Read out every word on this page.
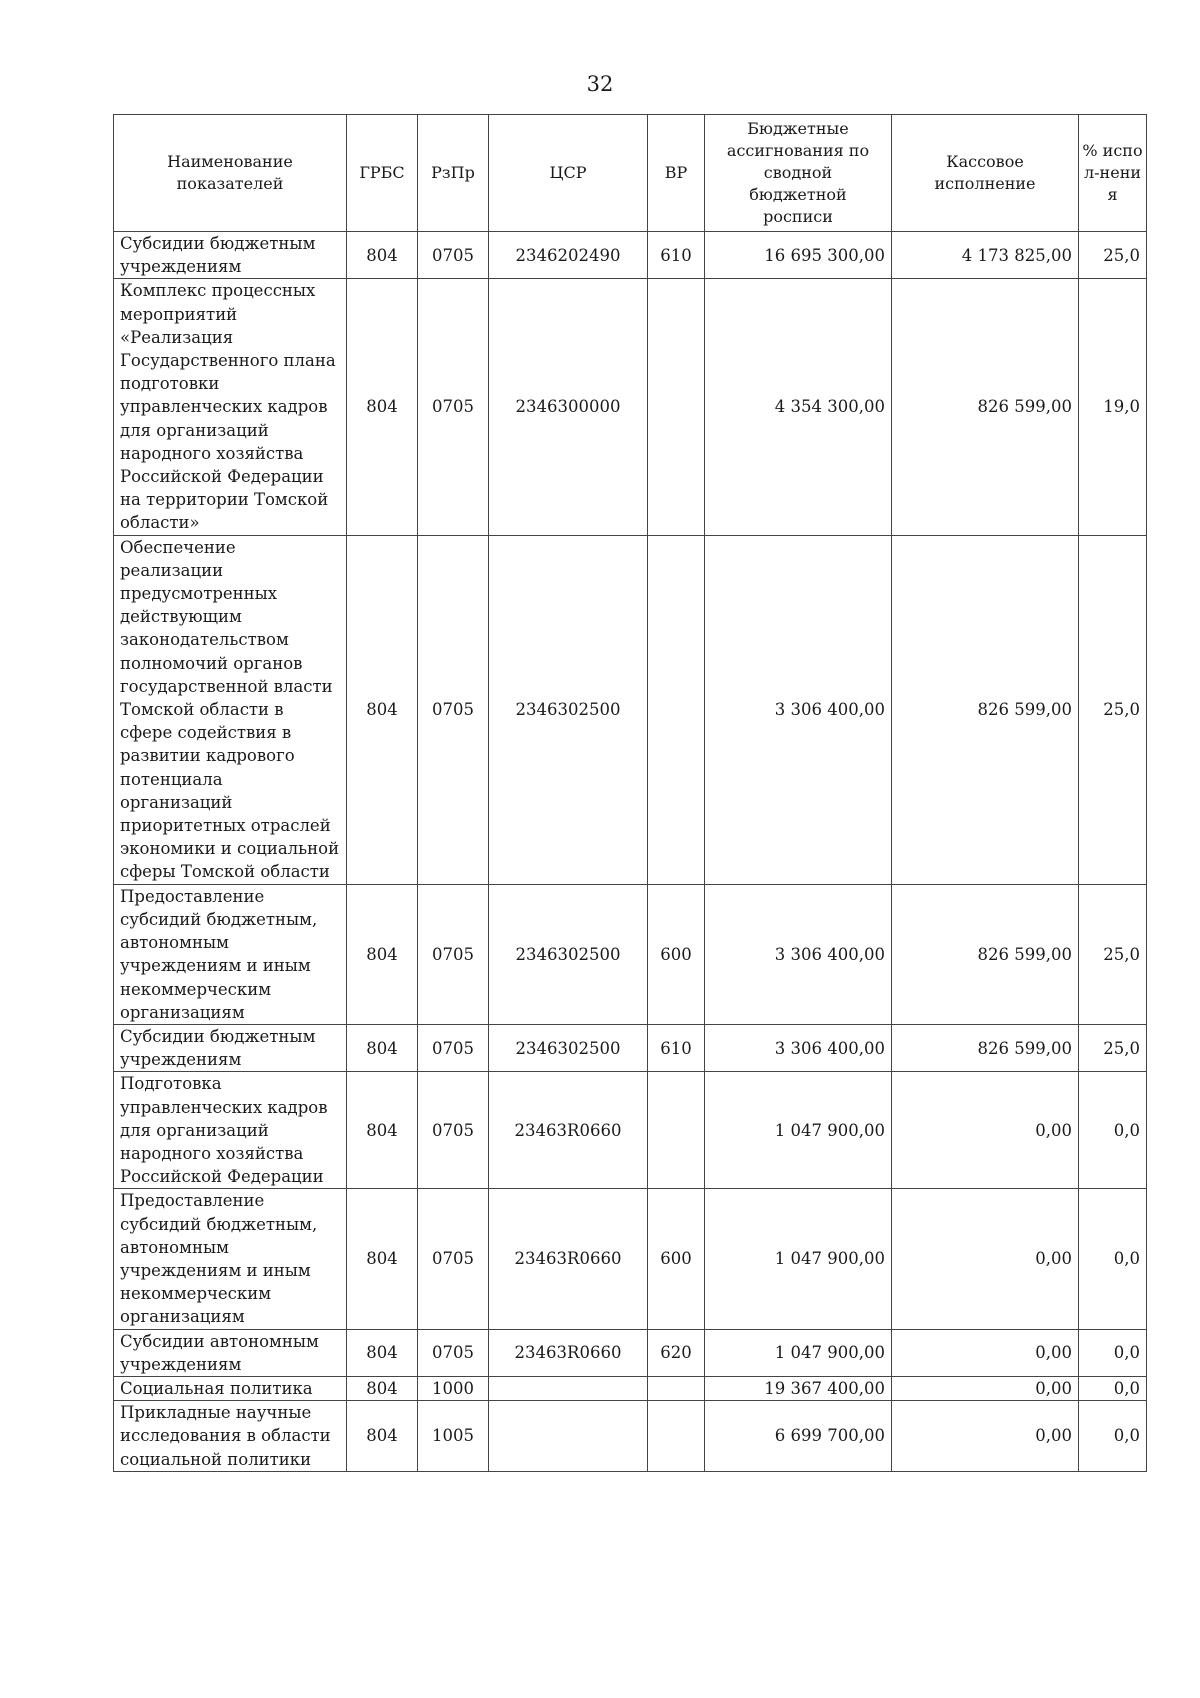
32
Наименование показателей	ГРБС	РзПр	ЦСР	ВР	Бюджетные ассигнования по сводной бюджетной росписи	Кассовое исполнение	% испол-нения
Субсидии бюджетным учреждениям	804	0705	2346202490	610	16 695 300,00	4 173 825,00	25,0
Комплекс процессных мероприятий «Реализация Государственного плана подготовки управленческих кадров для организаций народного хозяйства Российской Федерации на территории Томской области»	804	0705	2346300000		4 354 300,00	826 599,00	19,0
Обеспечение реализации предусмотренных действующим законодательством полномочий органов государственной власти Томской области в сфере содействия в развитии кадрового потенциала организаций приоритетных отраслей экономики и социальной сферы Томской области	804	0705	2346302500		3 306 400,00	826 599,00	25,0
Предоставление субсидий бюджетным, автономным учреждениям и иным некоммерческим организациям	804	0705	2346302500	600	3 306 400,00	826 599,00	25,0
Субсидии бюджетным учреждениям	804	0705	2346302500	610	3 306 400,00	826 599,00	25,0
Подготовка управленческих кадров для организаций народного хозяйства Российской Федерации	804	0705	23463R0660		1 047 900,00	0,00	0,0
Предоставление субсидий бюджетным, автономным учреждениям и иным некоммерческим организациям	804	0705	23463R0660	600	1 047 900,00	0,00	0,0
Субсидии автономным учреждениям	804	0705	23463R0660	620	1 047 900,00	0,00	0,0
Социальная политика	804	1000			19 367 400,00	0,00	0,0
Прикладные научные исследования в области социальной политики	804	1005			6 699 700,00	0,00	0,0
